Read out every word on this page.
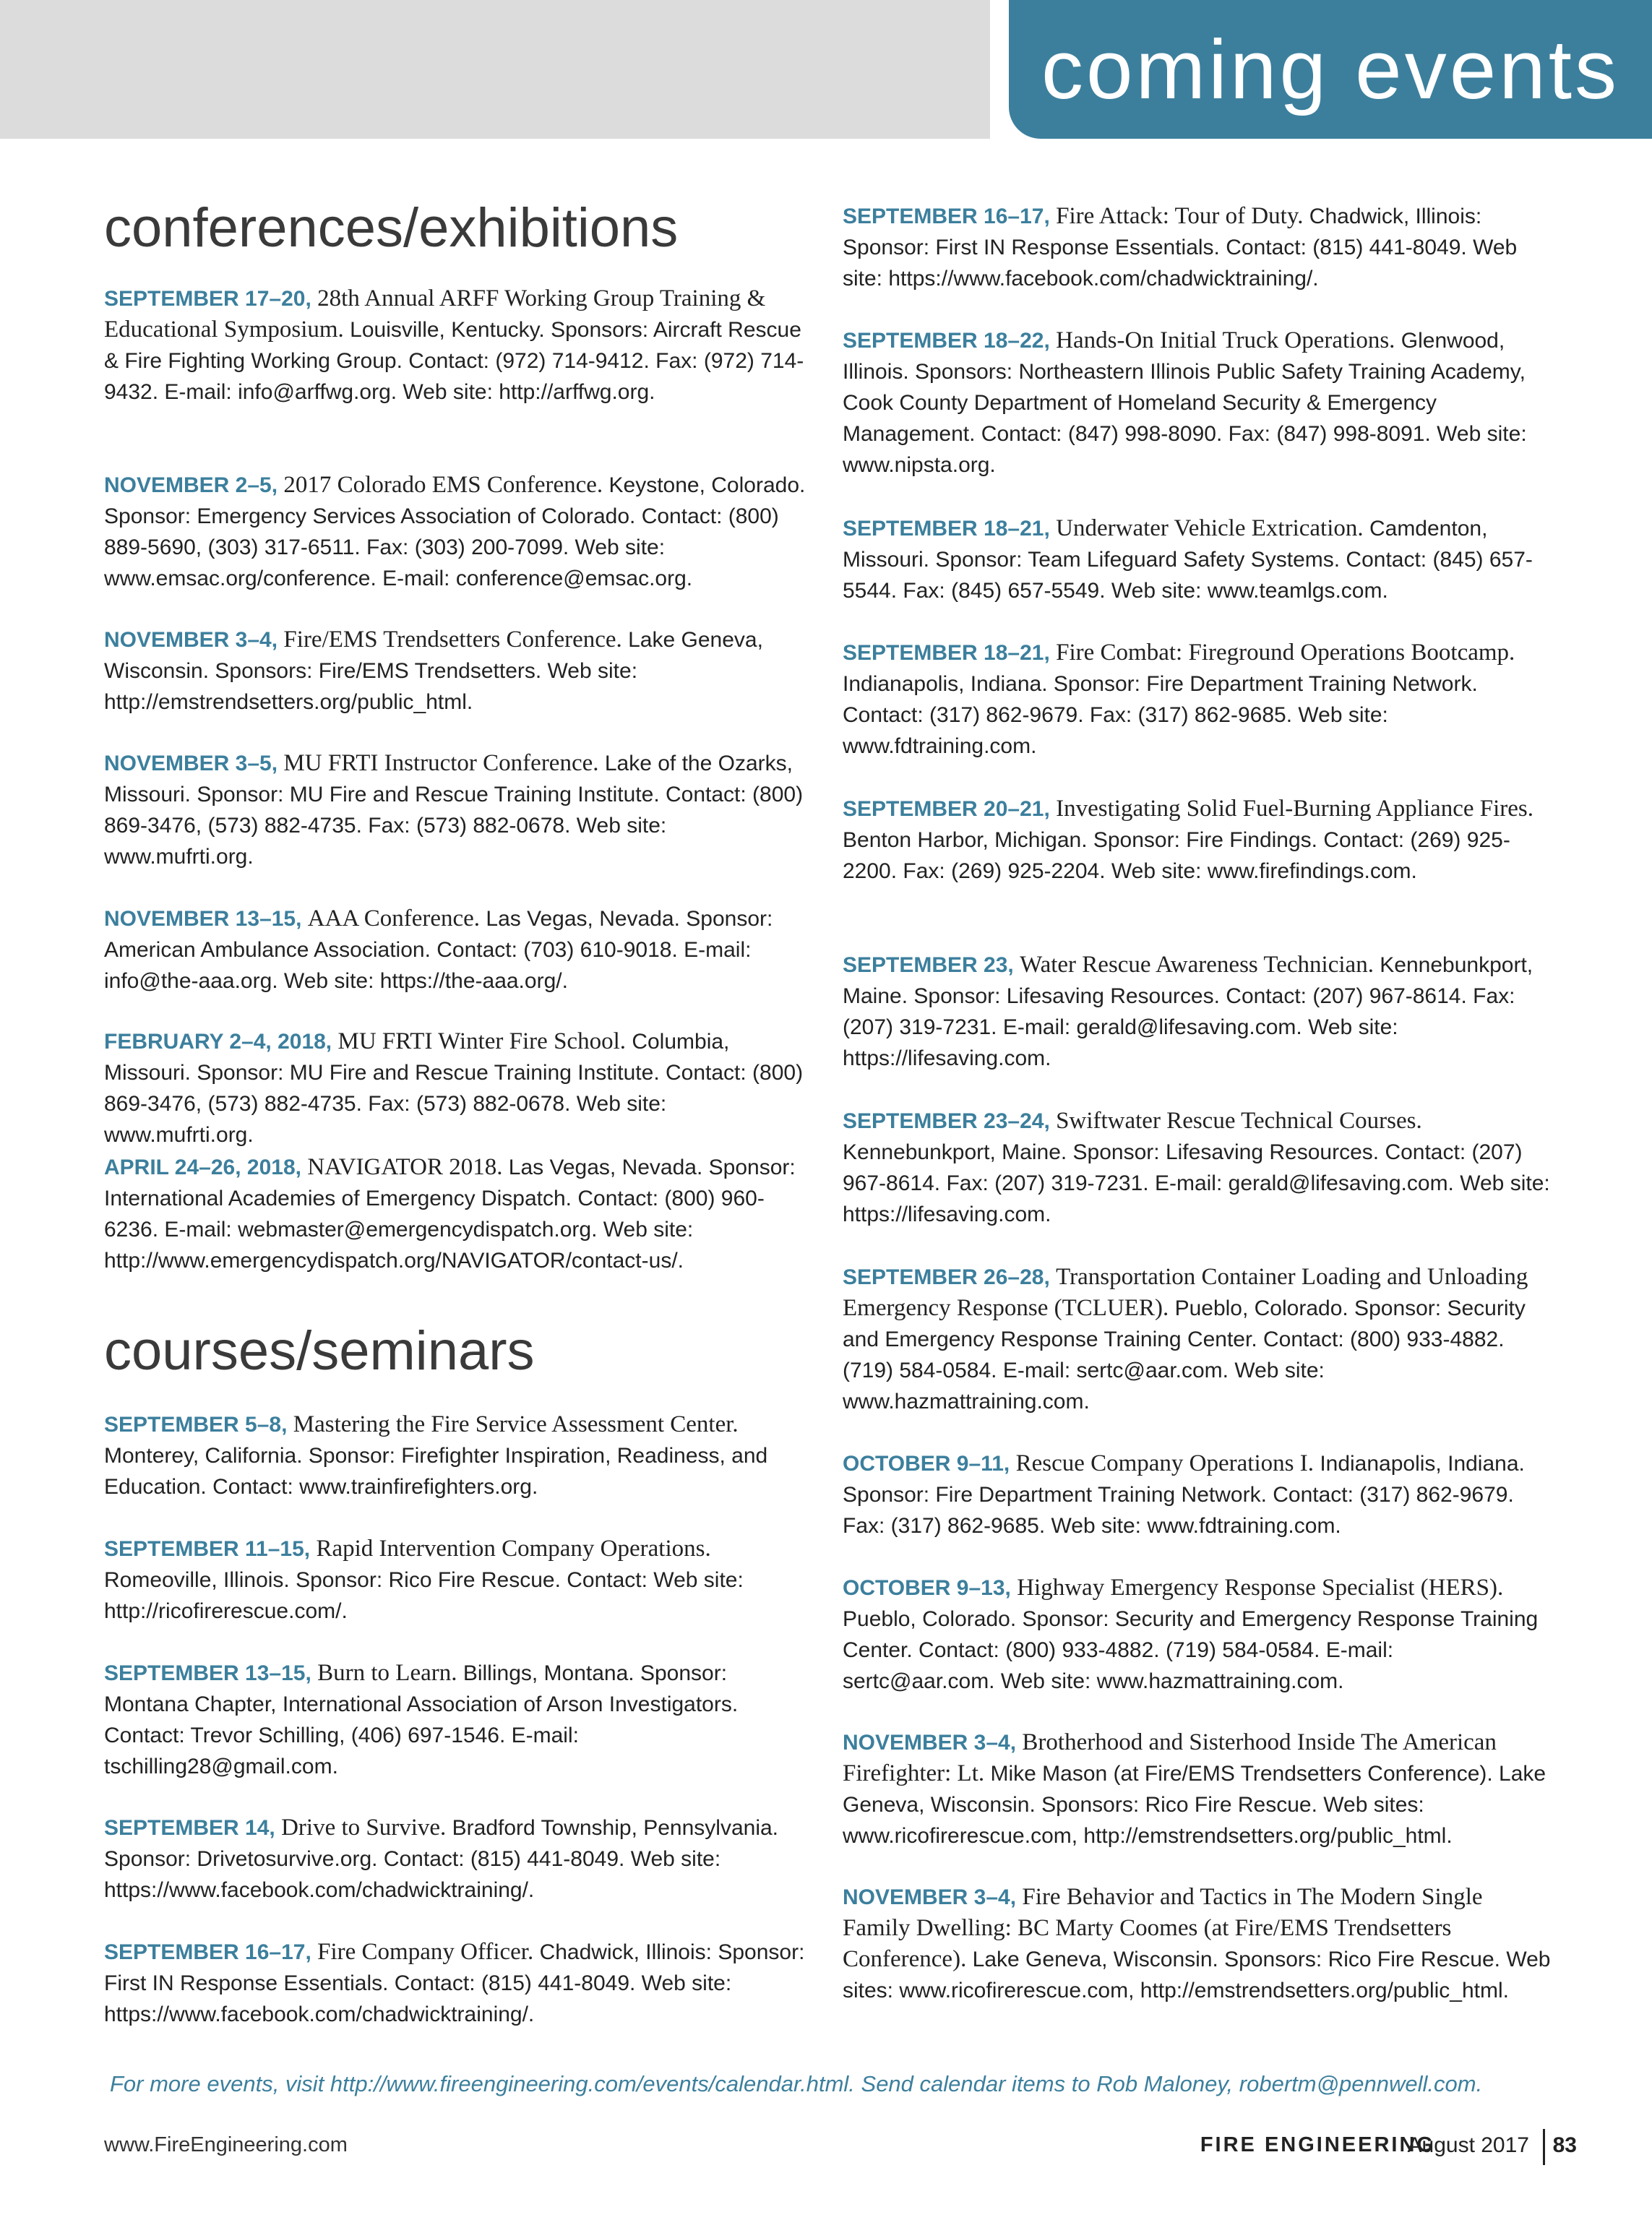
coming events
conferences/exhibitions

SEPTEMBER 17–20, 28th Annual ARFF Working Group Training & Educational Symposium. Louisville, Kentucky. Sponsors: Aircraft Rescue & Fire Fighting Working Group. Contact: (972) 714-9412. Fax: (972) 714-9432. E-mail: info@arffwg.org. Web site: http://arffwg.org.

NOVEMBER 2–5, 2017 Colorado EMS Conference. Keystone, Colorado. Sponsor: Emergency Services Association of Colorado. Contact: (800) 889-5690, (303) 317-6511. Fax: (303) 200-7099. Web site: www.emsac.org/conference. E-mail: conference@emsac.org.

NOVEMBER 3–4, Fire/EMS Trendsetters Conference. Lake Geneva, Wisconsin. Sponsors: Fire/EMS Trendsetters. Web site: http://emstrendsetters.org/public_html.

NOVEMBER 3–5, MU FRTI Instructor Conference. Lake of the Ozarks, Missouri. Sponsor: MU Fire and Rescue Training Institute. Contact: (800) 869-3476, (573) 882-4735. Fax: (573) 882-0678. Web site: www.mufrti.org.

NOVEMBER 13–15, AAA Conference. Las Vegas, Nevada. Sponsor: American Ambulance Association. Contact: (703) 610-9018. E-mail: info@the-aaa.org. Web site: https://the-aaa.org/.

FEBRUARY 2–4, 2018, MU FRTI Winter Fire School. Columbia, Missouri. Sponsor: MU Fire and Rescue Training Institute. Contact: (800) 869-3476, (573) 882-4735. Fax: (573) 882-0678. Web site: www.mufrti.org.

APRIL 24–26, 2018, NAVIGATOR 2018. Las Vegas, Nevada. Sponsor: International Academies of Emergency Dispatch. Contact: (800) 960-6236. E-mail: webmaster@emergencydispatch.org. Web site: http://www.emergencydispatch.org/NAVIGATOR/contact-us/.

courses/seminars

SEPTEMBER 5–8, Mastering the Fire Service Assessment Center. Monterey, California. Sponsor: Firefighter Inspiration, Readiness, and Education. Contact: www.trainfirefighters.org.

SEPTEMBER 11–15, Rapid Intervention Company Operations. Romeoville, Illinois. Sponsor: Rico Fire Rescue. Contact: Web site: http://ricofirerescue.com/.

SEPTEMBER 13–15, Burn to Learn. Billings, Montana. Sponsor: Montana Chapter, International Association of Arson Investigators. Contact: Trevor Schilling, (406) 697-1546. E-mail: tschilling28@gmail.com.

SEPTEMBER 14, Drive to Survive. Bradford Township, Pennsylvania. Sponsor: Drivetosurvive.org. Contact: (815) 441-8049. Web site: https://www.facebook.com/chadwicktraining/.

SEPTEMBER 16–17, Fire Company Officer. Chadwick, Illinois: Sponsor: First IN Response Essentials. Contact: (815) 441-8049. Web site: https://www.facebook.com/chadwicktraining/.

SEPTEMBER 16–17, Fire Attack: Tour of Duty. Chadwick, Illinois: Sponsor: First IN Response Essentials. Contact: (815) 441-8049. Web site: https://www.facebook.com/chadwicktraining/.

SEPTEMBER 18–22, Hands-On Initial Truck Operations. Glenwood, Illinois. Sponsors: Northeastern Illinois Public Safety Training Academy, Cook County Department of Homeland Security & Emergency Management. Contact: (847) 998-8090. Fax: (847) 998-8091. Web site: www.nipsta.org.

SEPTEMBER 18–21, Underwater Vehicle Extrication. Camdenton, Missouri. Sponsor: Team Lifeguard Safety Systems. Contact: (845) 657-5544. Fax: (845) 657-5549. Web site: www.teamlgs.com.

SEPTEMBER 18–21, Fire Combat: Fireground Operations Bootcamp. Indianapolis, Indiana. Sponsor: Fire Department Training Network. Contact: (317) 862-9679. Fax: (317) 862-9685. Web site: www.fdtraining.com.

SEPTEMBER 20–21, Investigating Solid Fuel-Burning Appliance Fires. Benton Harbor, Michigan. Sponsor: Fire Findings. Contact: (269) 925-2200. Fax: (269) 925-2204. Web site: www.firefindings.com.

SEPTEMBER 23, Water Rescue Awareness Technician. Kennebunkport, Maine. Sponsor: Lifesaving Resources. Contact: (207) 967-8614. Fax: (207) 319-7231. E-mail: gerald@lifesaving.com. Web site: https://lifesaving.com.

SEPTEMBER 23–24, Swiftwater Rescue Technical Courses. Kennebunkport, Maine. Sponsor: Lifesaving Resources. Contact: (207) 967-8614. Fax: (207) 319-7231. E-mail: gerald@lifesaving.com. Web site: https://lifesaving.com.

SEPTEMBER 26–28, Transportation Container Loading and Unloading Emergency Response (TCLUER). Pueblo, Colorado. Sponsor: Security and Emergency Response Training Center. Contact: (800) 933-4882. (719) 584-0584. E-mail: sertc@aar.com. Web site: www.hazmattraining.com.

OCTOBER 9–11, Rescue Company Operations I. Indianapolis, Indiana. Sponsor: Fire Department Training Network. Contact: (317) 862-9679. Fax: (317) 862-9685. Web site: www.fdtraining.com.

OCTOBER 9–13, Highway Emergency Response Specialist (HERS). Pueblo, Colorado. Sponsor: Security and Emergency Response Training Center. Contact: (800) 933-4882. (719) 584-0584. E-mail: sertc@aar.com. Web site: www.hazmattraining.com.

NOVEMBER 3–4, Brotherhood and Sisterhood Inside The American Firefighter: Lt. Mike Mason (at Fire/EMS Trendsetters Conference). Lake Geneva, Wisconsin. Sponsors: Rico Fire Rescue. Web sites: www.ricofirerescue.com, http://emstrendsetters.org/public_html.

NOVEMBER 3–4, Fire Behavior and Tactics in The Modern Single Family Dwelling: BC Marty Coomes (at Fire/EMS Trendsetters Conference). Lake Geneva, Wisconsin. Sponsors: Rico Fire Rescue. Web sites: www.ricofirerescue.com, http://emstrendsetters.org/public_html.

For more events, visit http://www.fireengineering.com/events/calendar.html. Send calendar items to Rob Maloney, robertm@pennwell.com.
www.FireEngineering.com	FIRE ENGINEERING
August 2017 83
